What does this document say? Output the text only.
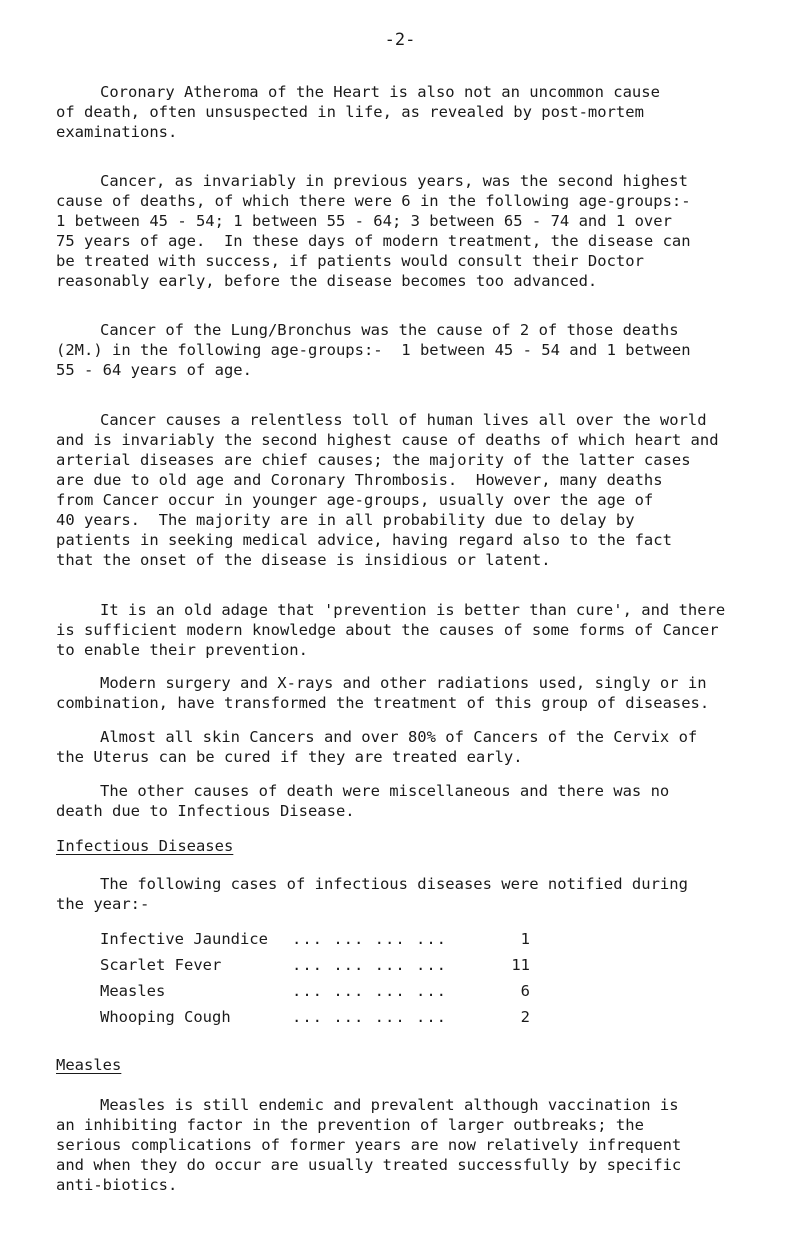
-2-

Coronary Atheroma of the Heart is also not an uncommon cause
of death, often unsuspected in life, as revealed by post-mortem
examinations.

Cancer, as invariably in previous years, was the second highest
cause of deaths, of which there were 6 in the following age-groups:-
1 between 45 - 54; 1 between 55 - 64; 3 between 65 - 74 and 1 over
75 years of age.  In these days of modern treatment, the disease can
be treated with success, if patients would consult their Doctor
reasonably early, before the disease becomes too advanced.

Cancer of the Lung/Bronchus was the cause of 2 of those deaths
(2M.) in the following age-groups:-  1 between 45 - 54 and 1 between
55 - 64 years of age.

Cancer causes a relentless toll of human lives all over the world
and is invariably the second highest cause of deaths of which heart and
arterial diseases are chief causes; the majority of the latter cases
are due to old age and Coronary Thrombosis.  However, many deaths
from Cancer occur in younger age-groups, usually over the age of
40 years.  The majority are in all probability due to delay by
patients in seeking medical advice, having regard also to the fact
that the onset of the disease is insidious or latent.

It is an old adage that 'prevention is better than cure', and there
is sufficient modern knowledge about the causes of some forms of Cancer
to enable their prevention.

Modern surgery and X-rays and other radiations used, singly or in
combination, have transformed the treatment of this group of diseases.

Almost all skin Cancers and over 80% of Cancers of the Cervix of
the Uterus can be cured if they are treated early.

The other causes of death were miscellaneous and there was no
death due to Infectious Disease.

Infectious Diseases

The following cases of infectious diseases were notified during
the year:-

Infective Jaundice ... ... ... ...	1
Scarlet Fever	... ... ... ...	11
Measles	... ... ... ...	6
Whooping Cough	... ... ... ...	2
Measles

Measles is still endemic and prevalent although vaccination is
an inhibiting factor in the prevention of larger outbreaks; the
serious complications of former years are now relatively infrequent
and when they do occur are usually treated successfully by specific
anti-biotics.
